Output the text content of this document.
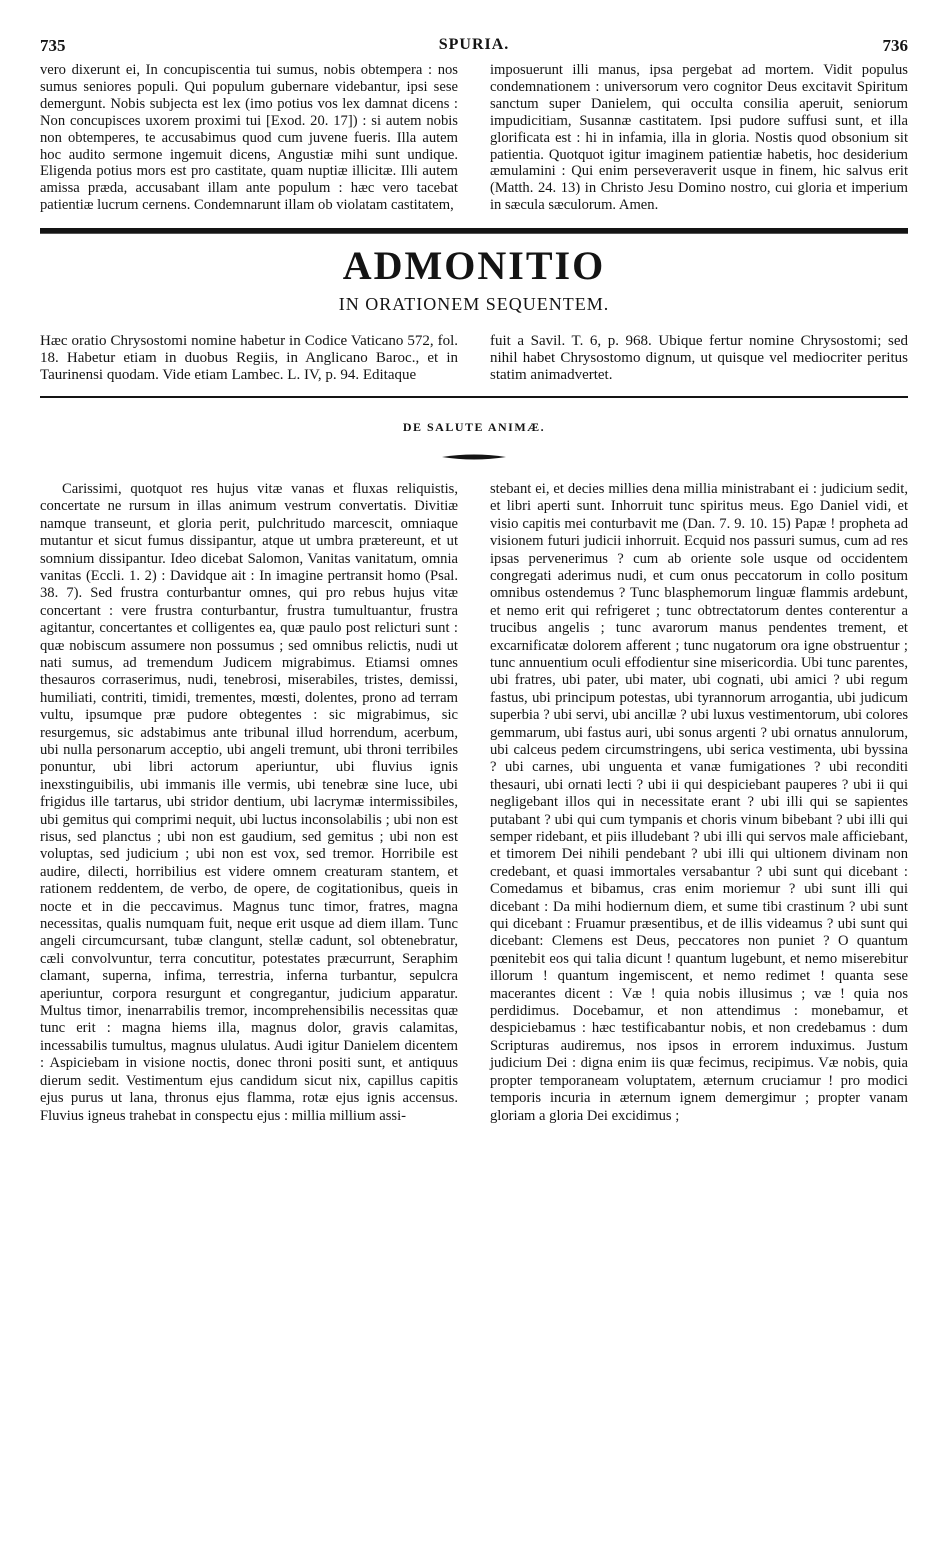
735	SPURIA.	736

vero dixerunt ei, In concupiscentia tui sumus, nobis obtempera : nos sumus seniores populi. Qui populum gubernare videbantur, ipsi sese demergunt. Nobis subjecta est lex (imo potius vos lex damnat dicens : Non concupisces uxorem proximi tui [Exod. 20. 17]) : si autem nobis non obtemperes, te accusabimus quod cum juvene fueris. Illa autem hoc audito sermone ingemuit dicens, Angustiæ mihi sunt undique. Eligenda potius mors est pro castitate, quam nuptiæ illicitæ. Illi autem amissa præda, accusabant illam ante populum : hæc vero tacebat patientiæ lucrum cernens. Condemnarunt illam ob violatam castitatem,

imposuerunt illi manus, ipsa pergebat ad mortem. Vidit populus condemnationem : universorum vero cognitor Deus excitavit Spiritum sanctum super Danielem, qui occulta consilia aperuit, seniorum impudicitiam, Susannæ castitatem. Ipsi pudore suffusi sunt, et illa glorificata est : hi in infamia, illa in gloria. Nostis quod obsonium sit patientia. Quotquot igitur imaginem patientiæ habetis, hoc desiderium æmulamini : Qui enim perseveraverit usque in finem, hic salvus erit (Matth. 24. 13) in Christo Jesu Domino nostro, cui gloria et imperium in sæcula sæculorum. Amen.

ADMONITIO
IN ORATIONEM SEQUENTEM.

Hæc oratio Chrysostomi nomine habetur in Codice Vaticano 572, fol. 18. Habetur etiam in duobus Regiis, in Anglicano Baroc., et in Taurinensi quodam. Vide etiam Lambec. L. IV, p. 94. Editaque

fuit a Savil. T. 6, p. 968. Ubique fertur nomine Chrysostomi; sed nihil habet Chrysostomo dignum, ut quisque vel mediocriter peritus statim animadvertet.

DE SALUTE ANIMÆ.

Carissimi, quotquot res hujus vitæ vanas et fluxas reliquistis, concertate ne rursum in illas animum vestrum convertatis. Divitiæ namque transeunt, et gloria perit, pulchritudo marcescit, omniaque mutantur et sicut fumus dissipantur, atque ut umbra prætereunt, et ut somnium dissipantur. Ideo dicebat Salomon, Vanitas vanitatum, omnia vanitas (Eccli. 1. 2) : Davidque ait : In imagine pertransit homo (Psal. 38. 7). Sed frustra conturbantur omnes, qui pro rebus hujus vitæ concertant : vere frustra conturbantur, frustra tumultuantur, frustra agitantur, concertantes et colligentes ea, quæ paulo post relicturi sunt : quæ nobiscum assumere non possumus ; sed omnibus relictis, nudi ut nati sumus, ad tremendum Judicem migrabimus. Etiamsi omnes thesauros corraserimus, nudi, tenebrosi, miserabiles, tristes, demissi, humiliati, contriti, timidi, trementes, mœsti, dolentes, prono ad terram vultu, ipsumque præ pudore obtegentes : sic migrabimus, sic resurgemus, sic adstabimus ante tribunal illud horrendum, acerbum, ubi nulla personarum acceptio, ubi angeli tremunt, ubi throni terribiles ponuntur, ubi libri actorum aperiuntur, ubi fluvius ignis inexstinguibilis, ubi immanis ille vermis, ubi tenebræ sine luce, ubi frigidus ille tartarus, ubi stridor dentium, ubi lacrymæ intermissibiles, ubi gemitus qui comprimi nequit, ubi luctus inconsolabilis ; ubi non est risus, sed planctus ; ubi non est gaudium, sed gemitus ; ubi non est voluptas, sed judicium ; ubi non est vox, sed tremor. Horribile est audire, dilecti, horribilius est videre omnem creaturam stantem, et rationem reddentem, de verbo, de opere, de cogitationibus, queis in nocte et in die peccavimus. Magnus tunc timor, fratres, magna necessitas, qualis numquam fuit, neque erit usque ad diem illam. Tunc angeli circumcursant, tubæ clangunt, stellæ cadunt, sol obtenebratur, cæli convolvuntur, terra concutitur, potestates præcurrunt, Seraphim clamant, superna, infima, terrestria, inferna turbantur, sepulcra aperiuntur, corpora resurgunt et congregantur, judicium apparatur. Multus timor, inenarrabilis tremor, incomprehensibilis necessitas quæ tunc erit : magna hiems illa, magnus dolor, gravis calamitas, incessabilis tumultus, magnus ululatus. Audi igitur Danielem dicentem : Aspiciebam in visione noctis, donec throni positi sunt, et antiquus dierum sedit. Vestimentum ejus candidum sicut nix, capillus capitis ejus purus ut lana, thronus ejus flamma, rotæ ejus ignis accensus. Fluvius igneus trahebat in conspectu ejus : millia millium assi-

stebant ei, et decies millies dena millia ministrabant ei : judicium sedit, et libri aperti sunt. Inhorruit tunc spiritus meus. Ego Daniel vidi, et visio capitis mei conturbavit me (Dan. 7. 9. 10. 15) Papæ ! propheta ad visionem futuri judicii inhorruit. Ecquid nos passuri sumus, cum ad res ipsas pervenerimus ? cum ab oriente sole usque od occidentem congregati aderimus nudi, et cum onus peccatorum in collo positum omnibus ostendemus ? Tunc blasphemorum linguæ flammis ardebunt, et nemo erit qui refrigeret ; tunc obtrectatorum dentes conterentur a trucibus angelis ; tunc avarorum manus pendentes trement, et excarnificatæ dolorem afferent ; tunc nugatorum ora igne obstruentur ; tunc annuentium oculi effodientur sine misericordia. Ubi tunc parentes, ubi fratres, ubi pater, ubi mater, ubi cognati, ubi amici ? ubi regum fastus, ubi principum potestas, ubi tyrannorum arrogantia, ubi judicum superbia ? ubi servi, ubi ancillæ ? ubi luxus vestimentorum, ubi colores gemmarum, ubi fastus auri, ubi sonus argenti ? ubi ornatus annulorum, ubi calceus pedem circumstringens, ubi serica vestimenta, ubi byssina ? ubi carnes, ubi unguenta et vanæ fumigationes ? ubi reconditi thesauri, ubi ornati lecti ? ubi ii qui despiciebant pauperes ? ubi ii qui negligebant illos qui in necessitate erant ? ubi illi qui se sapientes putabant ? ubi qui cum tympanis et choris vinum bibebant ? ubi illi qui semper ridebant, et piis illudebant ? ubi illi qui servos male afficiebant, et timorem Dei nihili pendebant ? ubi illi qui ultionem divinam non credebant, et quasi immortales versabantur ? ubi sunt qui dicebant : Comedamus et bibamus, cras enim moriemur ? ubi sunt illi qui dicebant : Da mihi hodiernum diem, et sume tibi crastinum ? ubi sunt qui dicebant : Fruamur præsentibus, et de illis videamus ? ubi sunt qui dicebant: Clemens est Deus, peccatores non puniet ? O quantum pœnitebit eos qui talia dicunt ! quantum lugebunt, et nemo miserebitur illorum ! quantum ingemiscent, et nemo redimet ! quanta sese macerantes dicent : Væ ! quia nobis illusimus ; væ ! quia nos perdidimus. Docebamur, et non attendimus : monebamur, et despiciebamus : hæc testificabantur nobis, et non credebamus : dum Scripturas audiremus, nos ipsos in errorem induximus. Justum judicium Dei : digna enim iis quæ fecimus, recipimus. Væ nobis, quia propter temporaneam voluptatem, æternum cruciamur ! pro modici temporis incuria in æternum ignem demergimur ; propter vanam gloriam a gloria Dei excidimus ;
